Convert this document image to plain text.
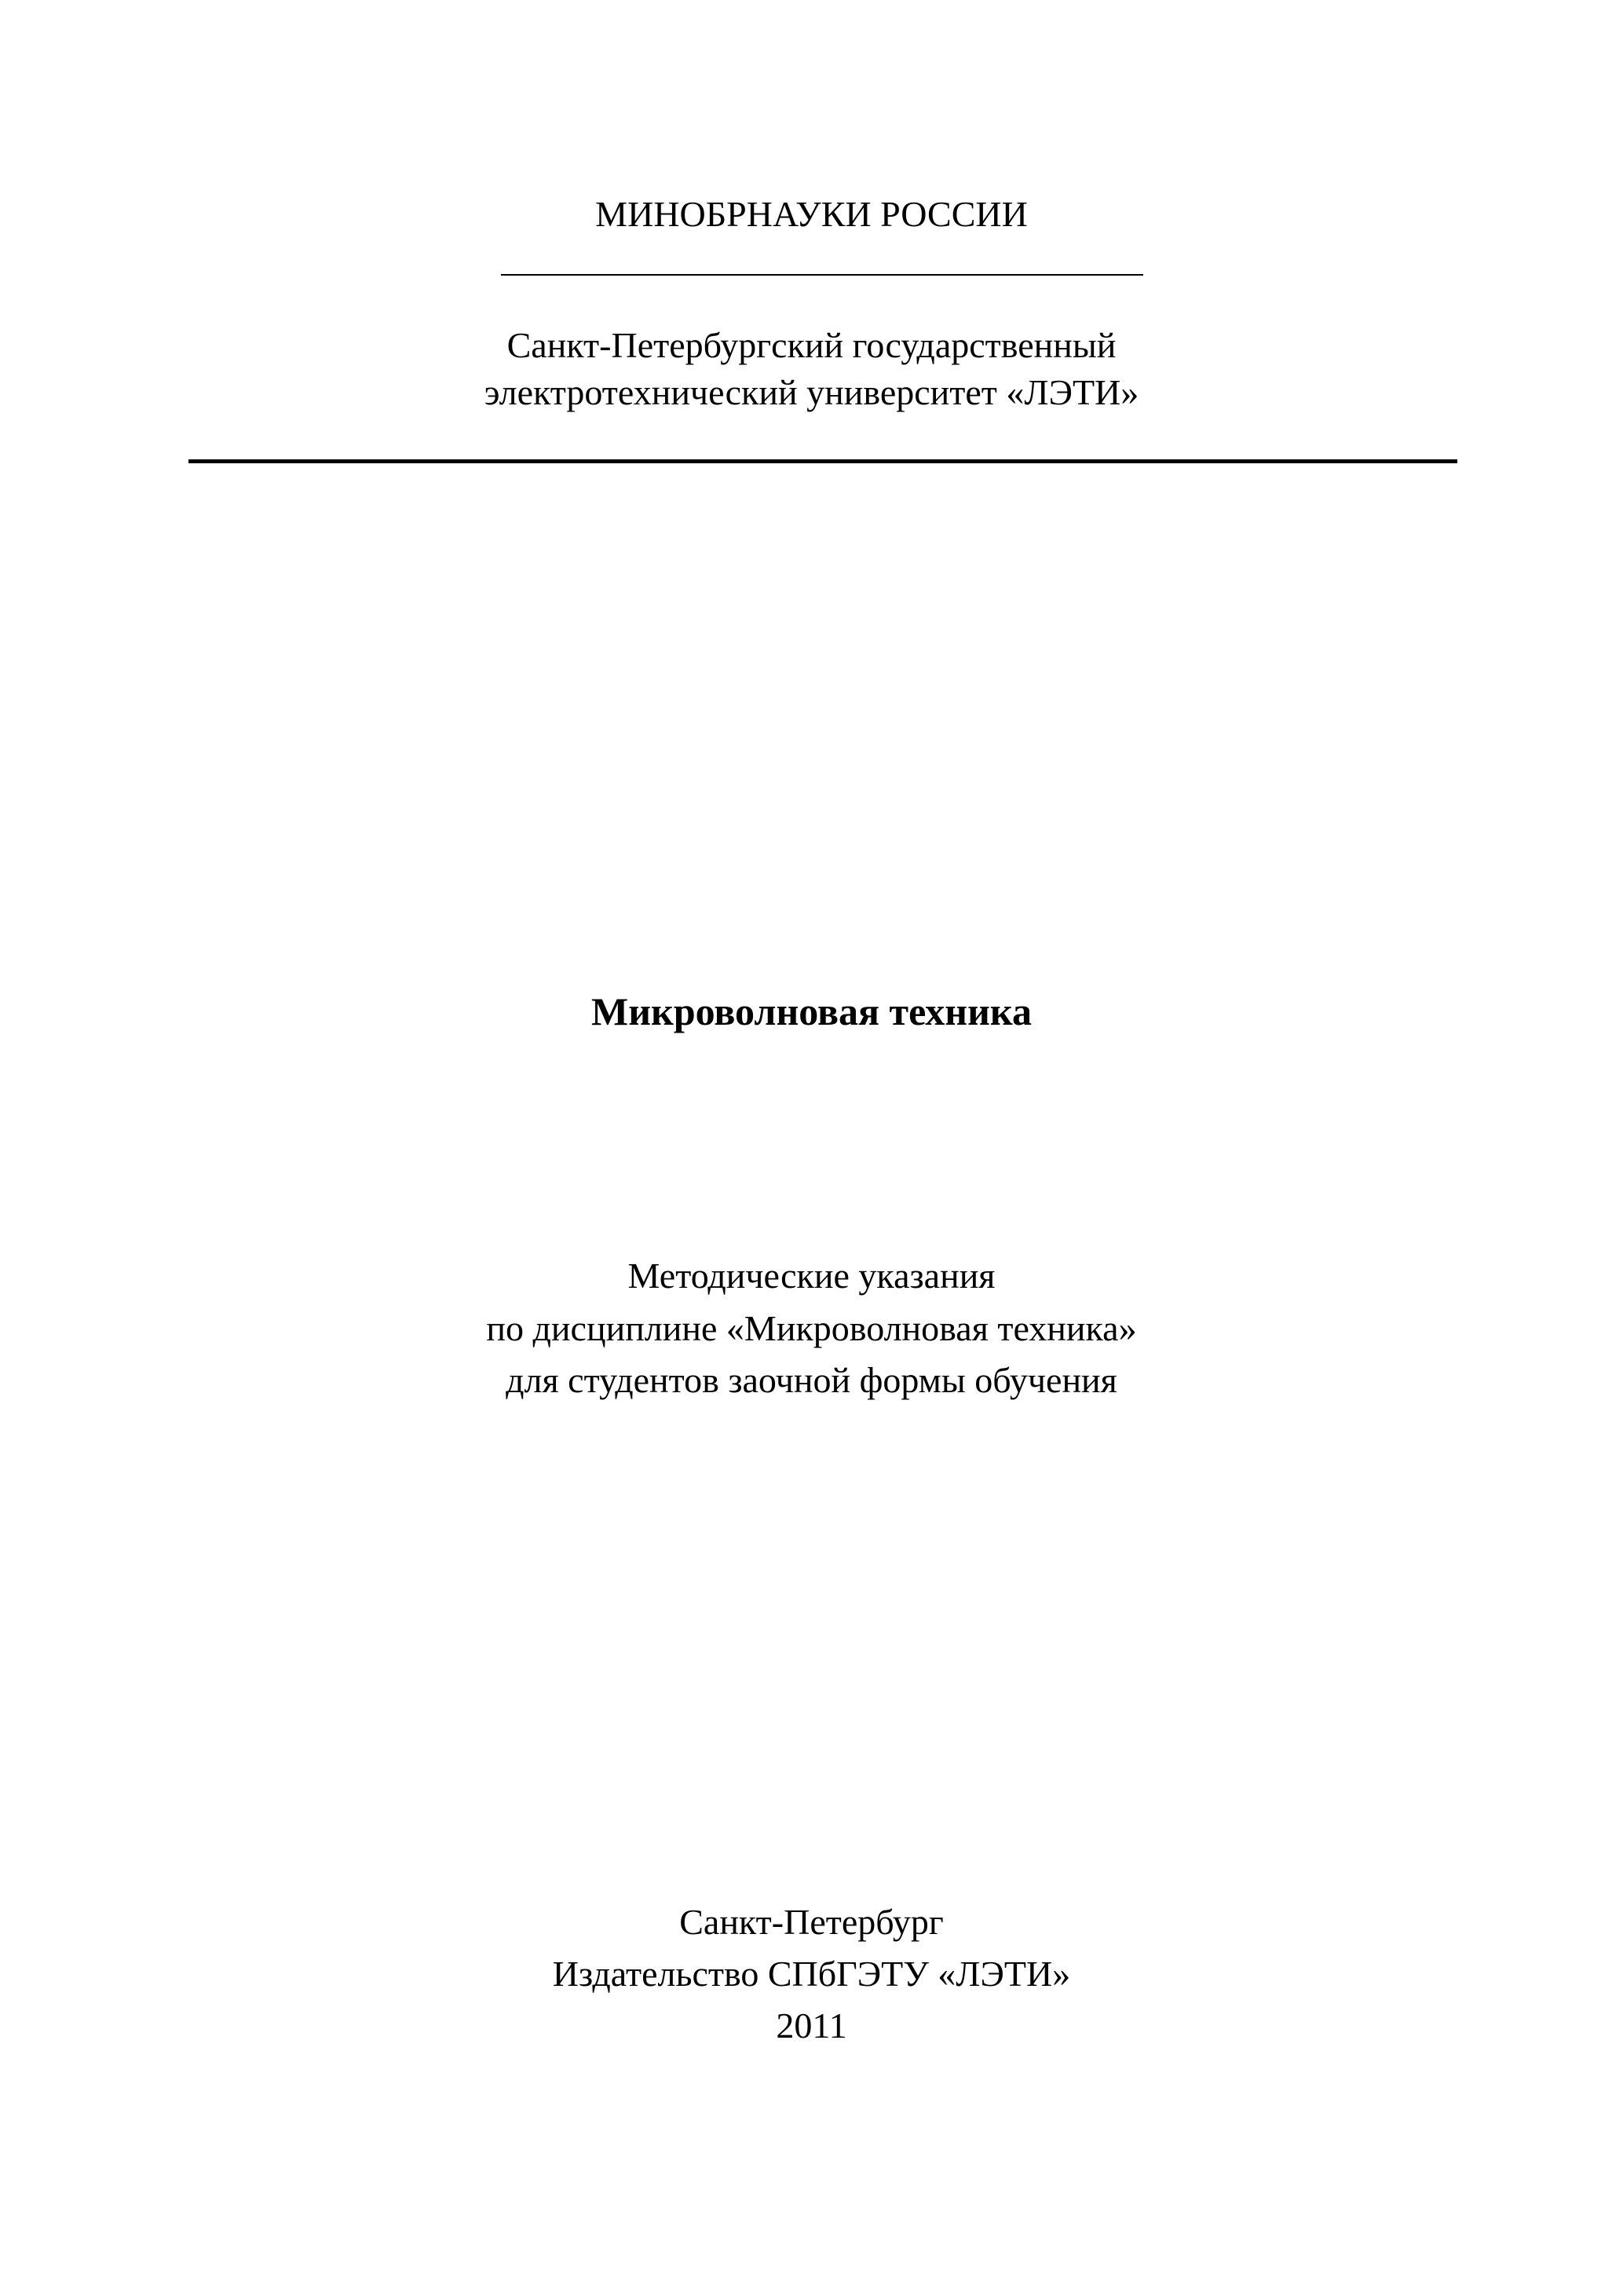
МИНОБРНАУКИ РОССИИ
Санкт-Петербургский государственный
электротехнический университет «ЛЭТИ»
Микроволновая техника
Методические указания
по дисциплине «Микроволновая техника»
для студентов заочной формы обучения
Санкт-Петербург
Издательство СПбГЭТУ «ЛЭТИ»
2011
